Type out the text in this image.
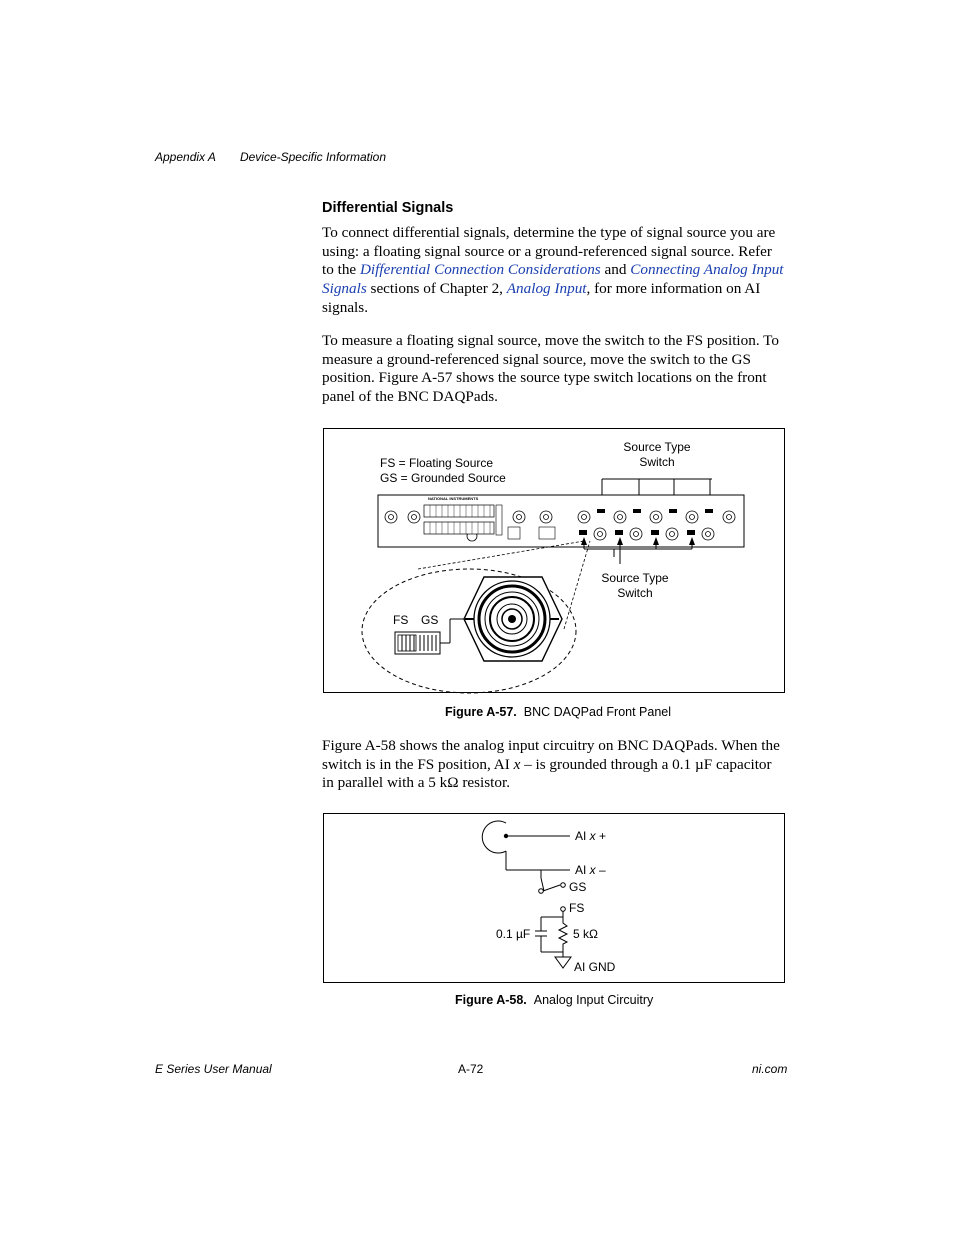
Appendix A Device-Specific Information
Differential Signals

To connect differential signals, determine the type of signal source you are using: a floating signal source or a ground-referenced signal source. Refer to the Differential Connection Considerations and Connecting Analog Input Signals sections of Chapter 2, Analog Input, for more information on AI signals.

To measure a floating signal source, move the switch to the FS position. To measure a ground-referenced signal source, move the switch to the GS position. Figure A-57 shows the source type switch locations on the front panel of the BNC DAQPads.

FS = Floating Source
GS = Grounded Source
Source Type
Switch
NATIONAL INSTRUMENTS
Source Type
Switch
FS GS
Figure A-57. BNC DAQPad Front Panel

Figure A-58 shows the analog input circuitry on BNC DAQPads. When the switch is in the FS position, AI x – is grounded through a 0.1 µF capacitor in parallel with a 5 kΩ resistor.

AI x +
AI x –
GS
FS
0.1 µF	5 kΩ
AI GND
Figure A-58. Analog Input Circuitry
E Series User Manual	A-72	ni.com
